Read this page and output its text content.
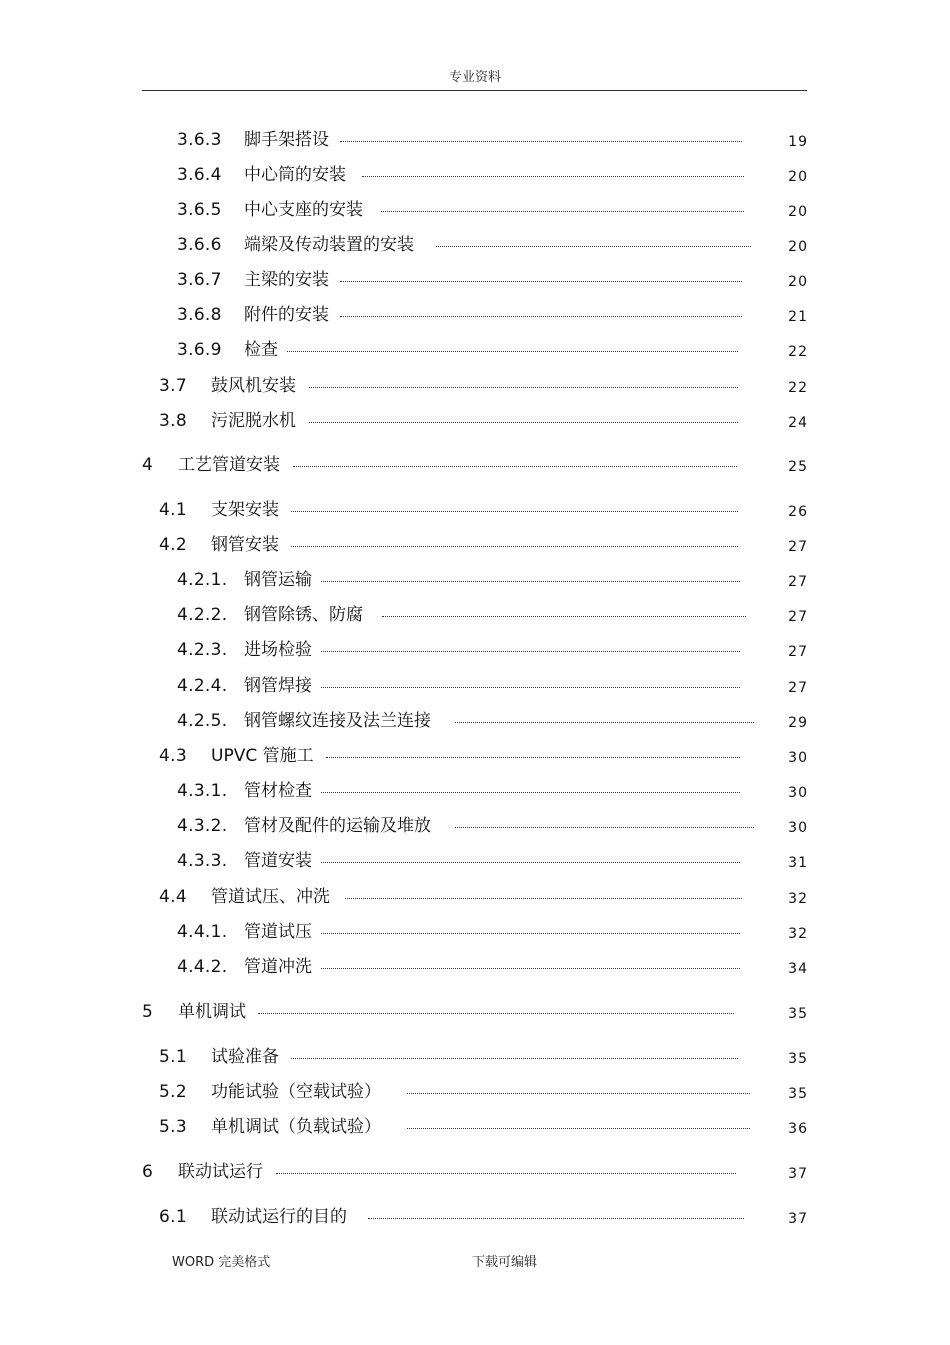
专业资料
3.6.3 脚手架搭设	19
3.6.4 中心筒的安装	20
3.6.5 中心支座的安装	20
3.6.6 端梁及传动装置的安装	20
3.6.7 主梁的安装	20
3.6.8 附件的安装	21
3.6.9 检查	22
3.7 鼓风机安装	22
3.8 污泥脱水机	24
4 工艺管道安装	25
4.1 支架安装	26
4.2 钢管安装	27
4.2.1. 钢管运输	27
4.2.2. 钢管除锈、防腐	27
4.2.3. 进场检验	27
4.2.4. 钢管焊接	27
4.2.5. 钢管螺纹连接及法兰连接	29
4.3 UPVC 管施工	30
4.3.1. 管材检查	30
4.3.2. 管材及配件的运输及堆放	30
4.3.3. 管道安装	31
4.4 管道试压、冲洗	32
4.4.1. 管道试压	32
4.4.2. 管道冲洗	34
5 单机调试	35
5.1 试验准备	35
5.2 功能试验（空载试验）	35
5.3 单机调试（负载试验）	36
6 联动试运行	37
6.1 联动试运行的目的	37
WORD 完美格式	下载可编辑
